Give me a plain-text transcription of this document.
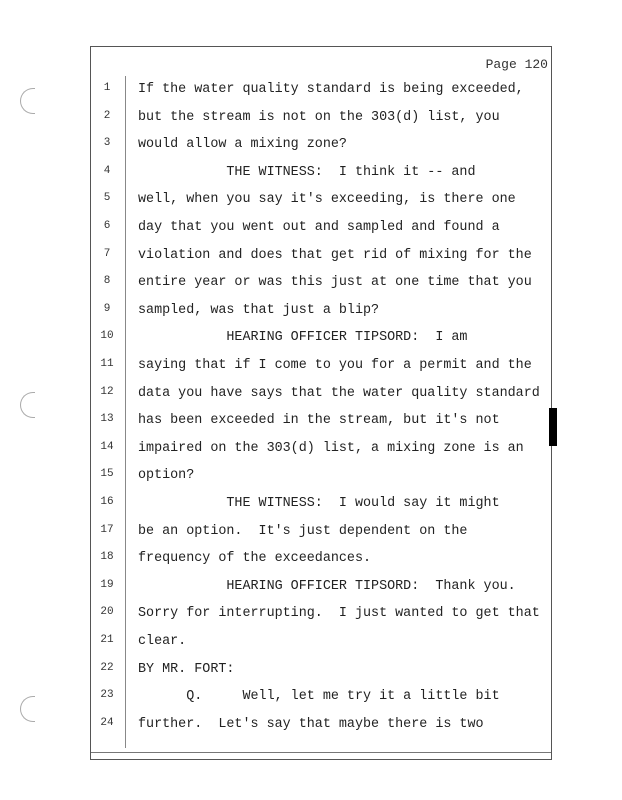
Page 120
1	If the water quality standard is being exceeded,
2	but the stream is not on the 303(d) list, you
3	would allow a mixing zone?
4	THE WITNESS:  I think it -- and
5	well, when you say it's exceeding, is there one
6	day that you went out and sampled and found a
7	violation and does that get rid of mixing for the
8	entire year or was this just at one time that you
9	sampled, was that just a blip?
10	HEARING OFFICER TIPSORD:  I am
11	saying that if I come to you for a permit and the
12	data you have says that the water quality standard
13	has been exceeded in the stream, but it's not
14	impaired on the 303(d) list, a mixing zone is an
15	option?
16	THE WITNESS:  I would say it might
17	be an option.  It's just dependent on the
18	frequency of the exceedances.
19	HEARING OFFICER TIPSORD:  Thank you.
20	Sorry for interrupting.  I just wanted to get that
21	clear.
22	BY MR. FORT:
23	Q.     Well, let me try it a little bit
24	further.  Let's say that maybe there is two
